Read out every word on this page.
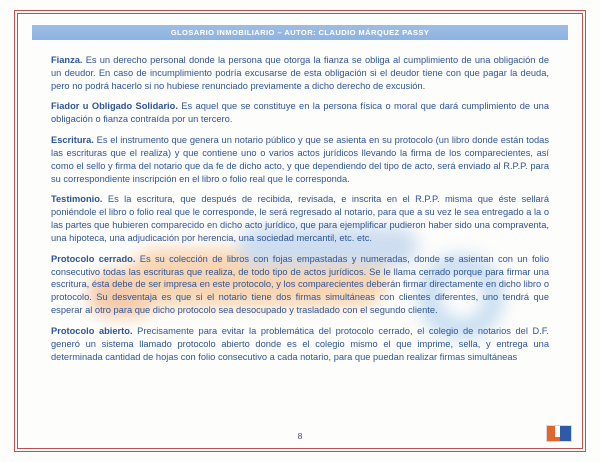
GLOSARIO INMOBILIARIO – AUTOR: CLAUDIO MÁRQUEZ PASSY

Fianza. Es un derecho personal donde la persona que otorga la fianza se obliga al cumplimiento de una obligación de un deudor. En caso de incumplimiento podría excusarse de esta obligación si el deudor tiene con que pagar la deuda, pero no podrá hacerlo si no hubiese renunciado previamente a dicho derecho de excusión.

Fiador u Obligado Solidario. Es aquel que se constituye en la persona física o moral que dará cumplimiento de una obligación o fianza contraída por un tercero.

Escritura. Es el instrumento que genera un notario público y que se asienta en su protocolo (un libro donde están todas las escrituras que el realiza) y que contiene uno o varios actos jurídicos llevando la firma de los comparecientes, así como el sello y firma del notario que da fe de dicho acto, y que dependiendo del tipo de acto, será enviado al R.P.P. para su correspondiente inscripción en el libro o folio real que le corresponda.

Testimonio. Es la escritura, que después de recibida, revisada, e inscrita en el R.P.P. misma que éste sellará poniéndole el libro o folio real que le corresponde, le será regresado al notario, para que a su vez le sea entregado a la o las partes que hubieren comparecido en dicho acto jurídico, que para ejemplificar pudieron haber sido una compraventa, una hipoteca, una adjudicación por herencia, una sociedad mercantil, etc. etc.

Protocolo cerrado. Es su colección de libros con fojas empastadas y numeradas, donde se asientan con un folio consecutivo todas las escrituras que realiza, de todo tipo de actos jurídicos. Se le llama cerrado porque para firmar una escritura, ésta debe de ser impresa en este protocolo, y los comparecientes deberán firmar directamente en dicho libro o protocolo. Su desventaja es que si el notario tiene dos firmas simultáneas con clientes diferentes, uno tendrá que esperar al otro para que dicho protocolo sea desocupado y trasladado con el segundo cliente.

Protocolo abierto. Precisamente para evitar la problemática del protocolo cerrado, el colegio de notarios del D.F. generó un sistema llamado protocolo abierto donde es el colegio mismo el que imprime, sella, y entrega una determinada cantidad de hojas con folio consecutivo a cada notario, para que puedan realizar firmas simultáneas

8
